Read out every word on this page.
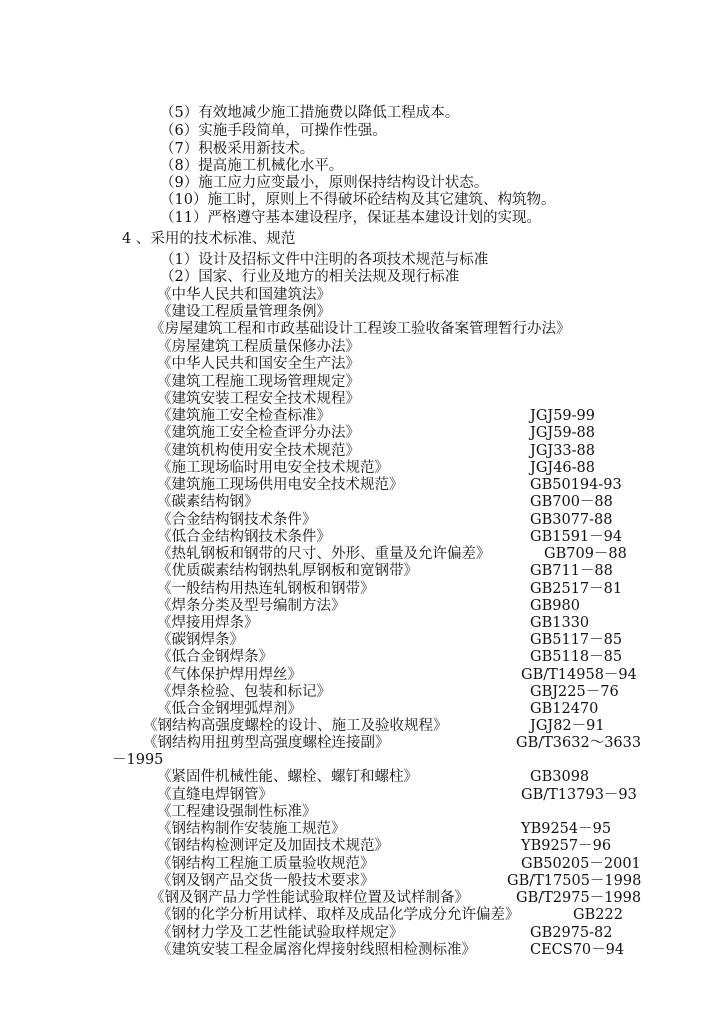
（5）有效地减少施工措施费以降低工程成本。
（6）实施手段简单，可操作性强。
（7）积极采用新技术。
（8）提高施工机械化水平。
（9）施工应力应变最小，原则保持结构设计状态。
（10）施工时，原则上不得破坏砼结构及其它建筑、构筑物。
（11）严格遵守基本建设程序，保证基本建设计划的实现。
4 、采用的技术标准、规范
（1）设计及招标文件中注明的各项技术规范与标准
（2）国家、行业及地方的相关法规及现行标准
《中华人民共和国建筑法》
《建设工程质量管理条例》
《房屋建筑工程和市政基础设计工程竣工验收备案管理暂行办法》
《房屋建筑工程质量保修办法》
《中华人民共和国安全生产法》
《建筑工程施工现场管理规定》
《建筑安装工程安全技术规程》
《建筑施工安全检查标准》	JGJ59-99
《建筑施工安全检查评分办法》	JGJ59-88
《建筑机构使用安全技术规范》	JGJ33-88
《施工现场临时用电安全技术规范》	JGJ46-88
《建筑施工现场供用电安全技术规范》	GB50194-93
《碳素结构钢》	GB700－88
《合金结构钢技术条件》	GB3077-88
《低合金结构钢技术条件》	GB1591－94
《热轧钢板和钢带的尺寸、外形、重量及允许偏差》	GB709－88
《优质碳素结构钢热轧厚钢板和宽钢带》	GB711－88
《一般结构用热连轧钢板和钢带》	GB2517－81
《焊条分类及型号编制方法》	GB980
《焊接用焊条》	GB1330
《碳钢焊条》	GB5117－85
《低合金钢焊条》	GB5118－85
《气体保护焊用焊丝》	GB/T14958－94
《焊条检验、包装和标记》	GBJ225－76
《低合金钢埋弧焊剂》	GB12470
《钢结构高强度螺栓的设计、施工及验收规程》	JGJ82－91
《钢结构用扭剪型高强度螺栓连接副》	GB/T3632～3633
－1995
《紧固件机械性能、螺栓、螺钉和螺柱》	GB3098
《直缝电焊钢管》	GB/T13793－93
《工程建设强制性标准》
《钢结构制作安装施工规范》	YB9254－95
《钢结构检测评定及加固技术规范》	YB9257－96
《钢结构工程施工质量验收规范》	GB50205－2001
《钢及钢产品交货一般技术要求》	GB/T17505－1998
《钢及钢产品力学性能试验取样位置及试样制备》	GB/T2975－1998
《钢的化学分析用试样、取样及成品化学成分允许偏差》	GB222
《钢材力学及工艺性能试验取样规定》	GB2975-82
《建筑安装工程金属溶化焊接射线照相检测标准》	CECS70－94
